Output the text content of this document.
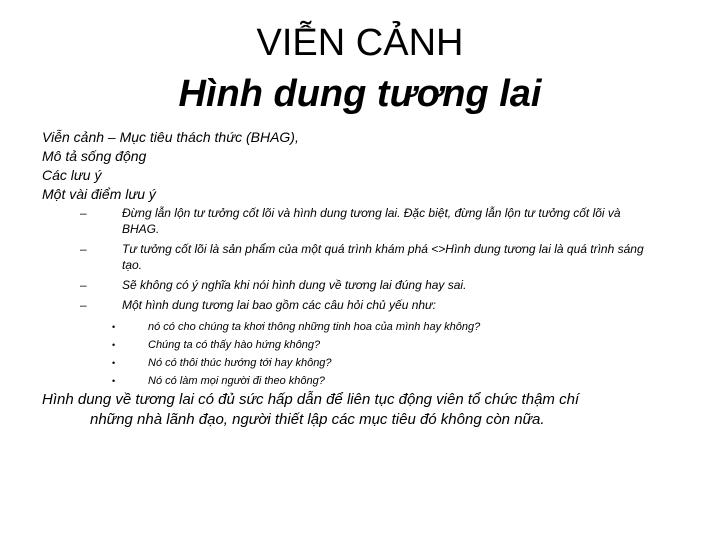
VIỄN CẢNH
Hình dung tương lai

Viễn cảnh – Mục tiêu thách thức (BHAG),

Mô tả sống động

Các lưu ý

Một vài điểm lưu ý

–	Đừng lẫn lộn tư tưởng cốt lõi và hình dung tương lai. Đặc biệt, đừng lẫn lộn tư tưởng cốt lõi và BHAG.
–	Tư tưởng cốt lõi là sản phẩm của một quá trình khám phá <>Hình dung tương lai là quá trình sáng tạo.
–	Sẽ không có ý nghĩa khi nói hình dung về tương lai đúng hay sai.
–	Một hình dung tương lai bao gồm các câu hỏi chủ yếu như:
•	nó có cho chúng ta khơi thông những tinh hoa của mình hay không?
•	Chúng ta có thấy hào hứng không?
•	Nó có thôi thúc hướng tới hay không?
•	Nó có làm mọi người đi theo không?
Hình dung về tương lai có đủ sức hấp dẫn để liên tục động viên tổ chức thậm chí
những nhà lãnh đạo, người thiết lập các mục tiêu đó không còn nữa.
